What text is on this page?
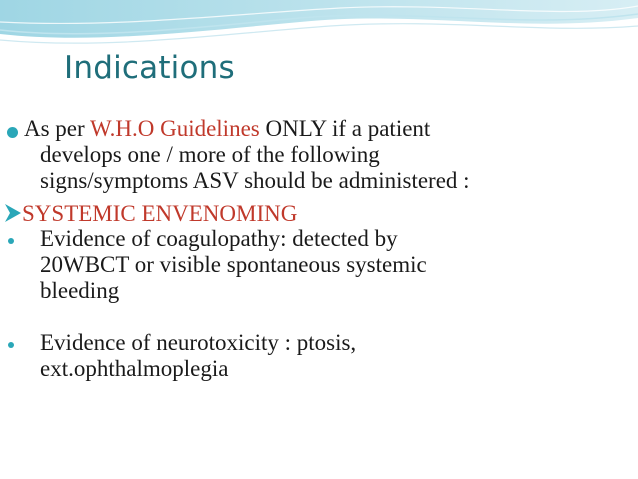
Indications
As per W.H.O Guidelines ONLY if a patient
develops one / more of the following
signs/symptoms ASV should be administered :
SYSTEMIC ENVENOMING
Evidence of coagulopathy: detected by
20WBCT or visible spontaneous systemic
bleeding
Evidence of neurotoxicity : ptosis,
ext.ophthalmoplegia
